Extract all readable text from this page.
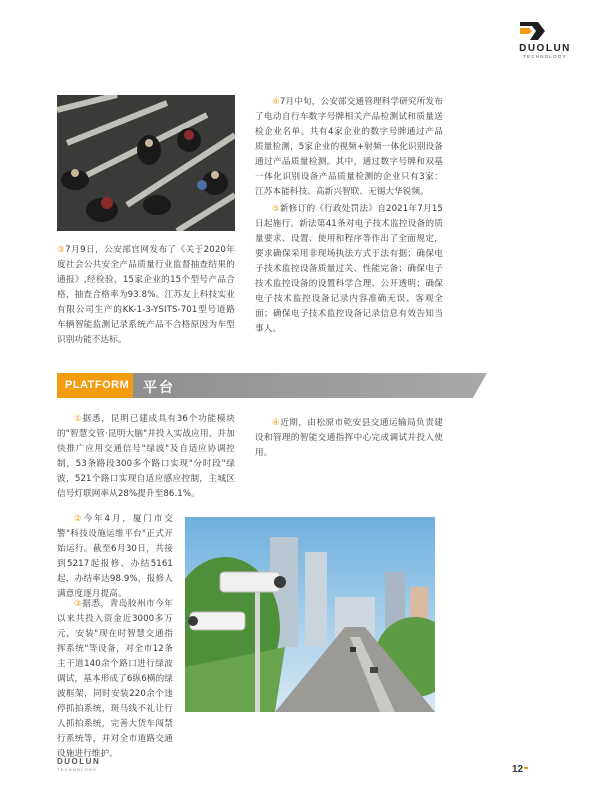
DUOLUN
TECHNOLOGY

③7月9日，公安部官网发布了《关于2020年度社会公共安全产品质量行业监督抽查结果的通报》,经检验，15家企业的15个型号产品合格，抽查合格率为93.8%。江苏友上科技实业有限公司生产的KK-1-3-YSITS-701型号道路车辆智能监测记录系统产品不合格原因为车型识别功能不达标。

④7月中旬，公安部交通管理科学研究所发布了电动自行车数字号牌相关产品检测试和质量送检企业名单。共有4家企业的数字号牌通过产品质量检测，5家企业的视频+射频一体化识别设备通过产品质量检测。其中，通过数字号牌和双基一体化识别设备产品质量检测的企业只有3家：江苏本能科技、高新兴智联、无锡大华锐频。

⑤新修订的《行政处罚法》自2021年7月15日起施行。新法第41条对电子技术监控设备的质量要求、设置、使用和程序等作出了全面规定，要求确保采用非现场执法方式于法有据；确保电子技术监控设备质量过关、性能完备；确保电子技术监控设备的设置科学合理、公开透明；确保电子技术监控设备记录内容准确无误、客观全面；确保电子技术监控设备记录信息有效告知当事人。

PLATFORM 平台

①据悉，昆明已建成具有36个功能模块的"智慧交管·昆明大脑"并投入实战应用，并加快推广应用交通信号"绿波"及自适应协调控制，53条路段300多个路口实现"分时段"绿波，521个路口实现自适应感应控制，主城区信号灯联网率从28%提升至86.1%。

②今年4月，厦门市交警"科技设施运维平台"正式开始运行。截至6月30日，共接到5217起报修、办结5161起，办结率达98.9%，报修人满意度逐月提高。

③据悉，青岛胶州市今年以来共投入资金近3000多万元，安装"现在时智慧交通指挥系统"等设备，对全市12条主干道140余个路口进行绿波调试，基本形成了6纵6横的绿波框架，同时安装220余个违停抓拍系统，斑马线不礼让行人抓拍系统，完善大货车闯禁行系统等，并对全市道路交通设施进行维护。

④近期，由松原市乾安县交通运输局负责建设和管理的智能交通指挥中心完成调试并投入使用。

DUOLUN
TECHNOLOGY	12
